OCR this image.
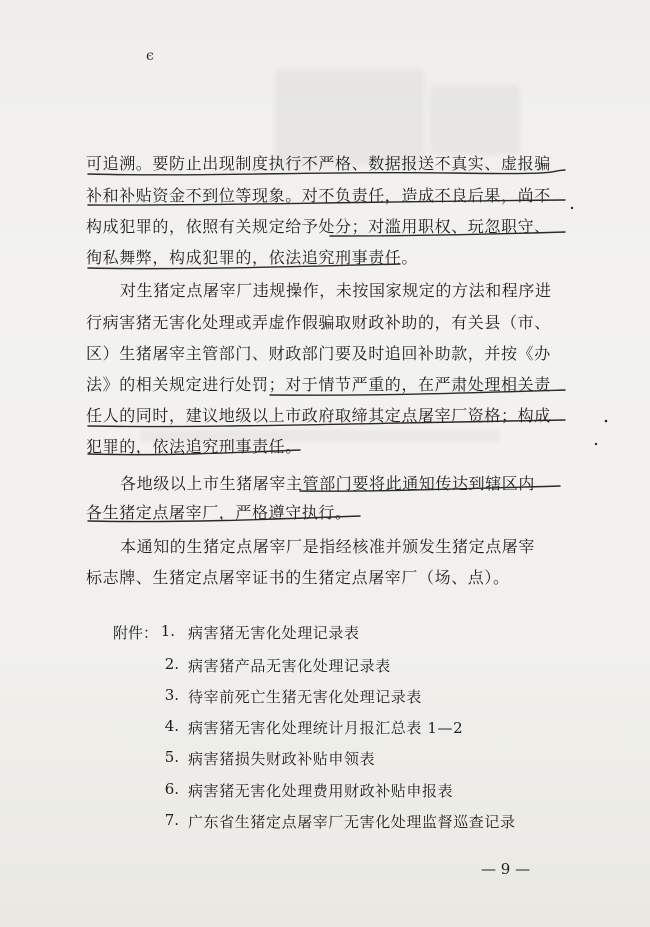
ϵ
可追溯。要防止出现制度执行不严格、数据报送不真实、虚报骗
补和补贴资金不到位等现象。对不负责任，造成不良后果，尚不
构成犯罪的，依照有关规定给予处分；对滥用职权、玩忽职守、
徇私舞弊，构成犯罪的，依法追究刑事责任。
对生猪定点屠宰厂违规操作，未按国家规定的方法和程序进
行病害猪无害化处理或弄虚作假骗取财政补助的，有关县（市、
区）生猪屠宰主管部门、财政部门要及时追回补助款，并按《办
法》的相关规定进行处罚；对于情节严重的，在严肃处理相关责
任人的同时，建议地级以上市政府取缔其定点屠宰厂资格；构成
犯罪的，依法追究刑事责任。
各地级以上市生猪屠宰主管部门要将此通知传达到辖区内
各生猪定点屠宰厂，严格遵守执行。
本通知的生猪定点屠宰厂是指经核准并颁发生猪定点屠宰
标志牌、生猪定点屠宰证书的生猪定点屠宰厂（场、点）。
附件： 1. 病害猪无害化处理记录表
2. 病害猪产品无害化处理记录表
3. 待宰前死亡生猪无害化处理记录表
4. 病害猪无害化处理统计月报汇总表 1—2
5. 病害猪损失财政补贴申领表
6. 病害猪无害化处理费用财政补贴申报表
7. 广东省生猪定点屠宰厂无害化处理监督巡查记录
— 9 —
